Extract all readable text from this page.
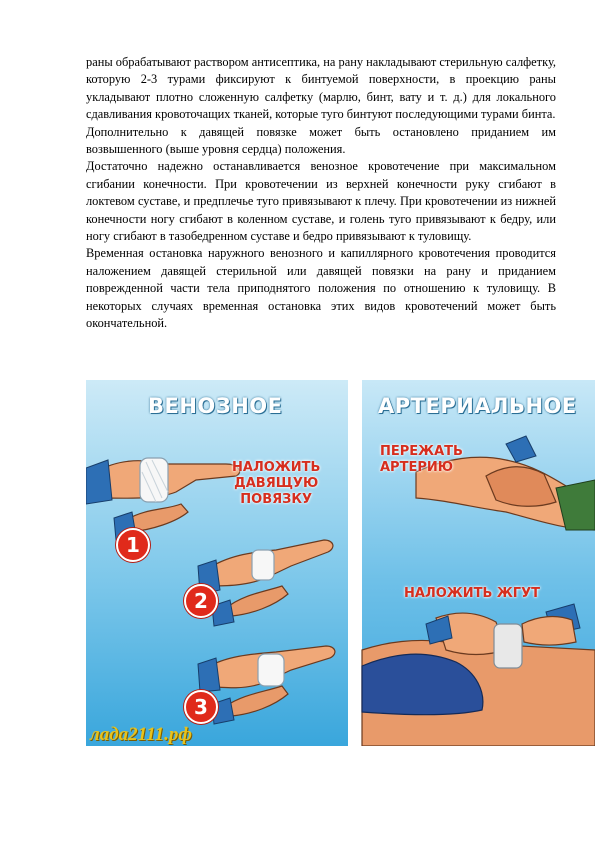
раны обрабатывают раствором антисептика, на рану накладывают стерильную салфетку, которую 2-3 турами фиксируют к бинтуемой поверхности, в проекцию раны укладывают плотно сложенную салфетку (марлю, бинт, вату и т. д.) для локального сдавливания кровоточащих тканей, которые туго бинтуют последующими турами бинта.

Дополнительно к давящей повязке может быть остановлено приданием им возвышенного (выше уровня сердца) положения.

Достаточно надежно останавливается венозное кровотечение при максимальном сгибании конечности. При кровотечении из верхней конечности руку сгибают в локтевом суставе, и предплечье туго привязывают к плечу. При кровотечении из нижней конечности ногу сгибают в коленном суставе, и голень туго привязывают к бедру, или ногу сгибают в тазобедренном суставе и бедро привязывают к туловищу.

Временная остановка наружного венозного и капиллярного кровотечения проводится наложением давящей стерильной или давящей повязки на рану и приданием поврежденной части тела приподнятого положения по отношению к туловищу. В некоторых случаях временная остановка этих видов кровотечений может быть окончательной.

ВЕНОЗНОЕ	АРТЕРИАЛЬНОЕ
НАЛОЖИТЬ
ДАВЯЩУЮ
ПОВЯЗКУ
ПЕРЕЖАТЬ
АРТЕРИЮ
НАЛОЖИТЬ ЖГУТ
1
2
3
лада2111.рф
